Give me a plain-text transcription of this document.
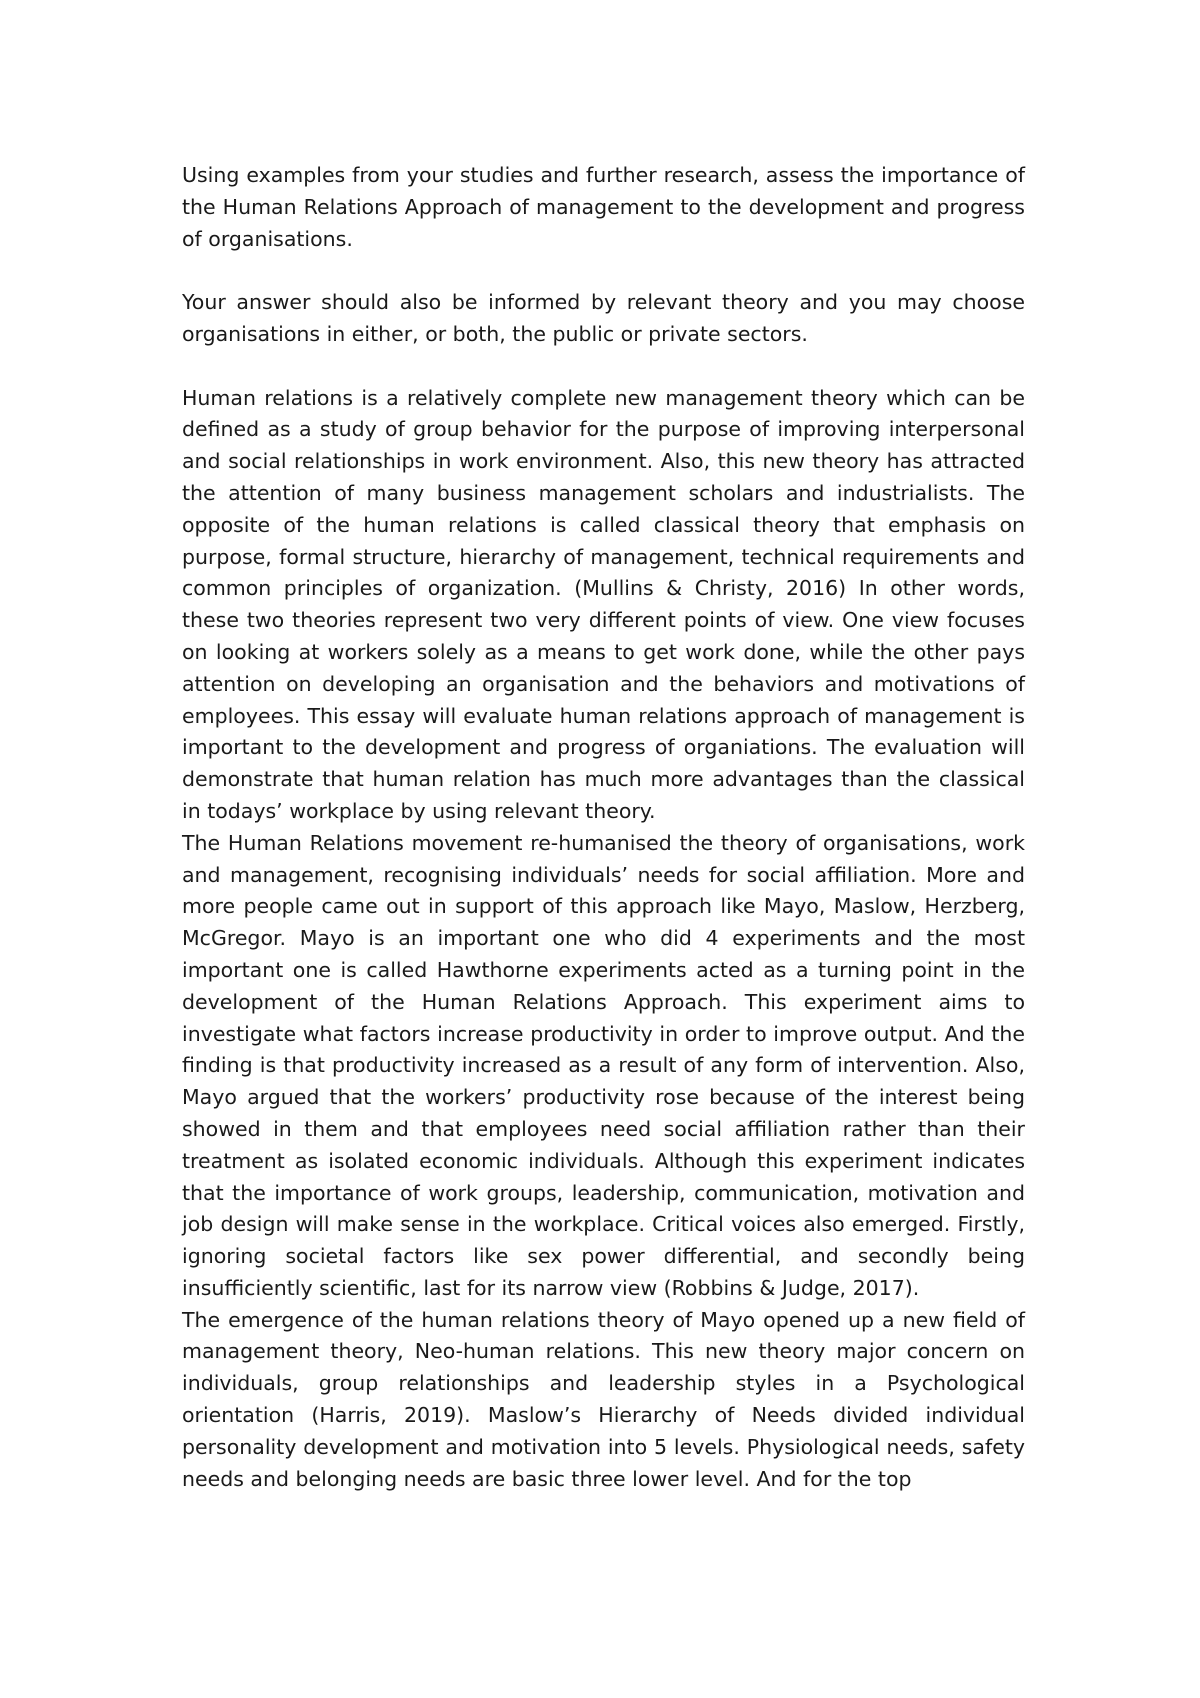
Using examples from your studies and further research, assess the importance of the Human Relations Approach of management to the development and progress of organisations.

Your answer should also be informed by relevant theory and you may choose organisations in either, or both, the public or private sectors.

Human relations is a relatively complete new management theory which can be defined as a study of group behavior for the purpose of improving interpersonal and social relationships in work environment. Also, this new theory has attracted the attention of many business management scholars and industrialists. The opposite of the human relations is called classical theory that emphasis on purpose, formal structure, hierarchy of management, technical requirements and common principles of organization. (Mullins & Christy, 2016) In other words, these two theories represent two very different points of view. One view focuses on looking at workers solely as a means to get work done, while the other pays attention on developing an organisation and the behaviors and motivations of employees. This essay will evaluate human relations approach of management is important to the development and progress of organiations. The evaluation will demonstrate that human relation has much more advantages than the classical in todays’ workplace by using relevant theory.

The Human Relations movement re-humanised the theory of organisations, work and management, recognising individuals’ needs for social affiliation. More and more people came out in support of this approach like Mayo, Maslow, Herzberg, McGregor. Mayo is an important one who did 4 experiments and the most important one is called Hawthorne experiments acted as a turning point in the development of the Human Relations Approach. This experiment aims to investigate what factors increase productivity in order to improve output. And the finding is that productivity increased as a result of any form of intervention. Also, Mayo argued that the workers’ productivity rose because of the interest being showed in them and that employees need social affiliation rather than their treatment as isolated economic individuals. Although this experiment indicates that the importance of work groups, leadership, communication, motivation and job design will make sense in the workplace. Critical voices also emerged. Firstly, ignoring societal factors like sex power differential, and secondly being insufficiently scientific, last for its narrow view (Robbins & Judge, 2017).

The emergence of the human relations theory of Mayo opened up a new field of management theory, Neo-human relations. This new theory major concern on individuals, group relationships and leadership styles in a Psychological orientation (Harris, 2019). Maslow’s Hierarchy of Needs divided individual personality development and motivation into 5 levels. Physiological needs, safety needs and belonging needs are basic three lower level. And for the top
